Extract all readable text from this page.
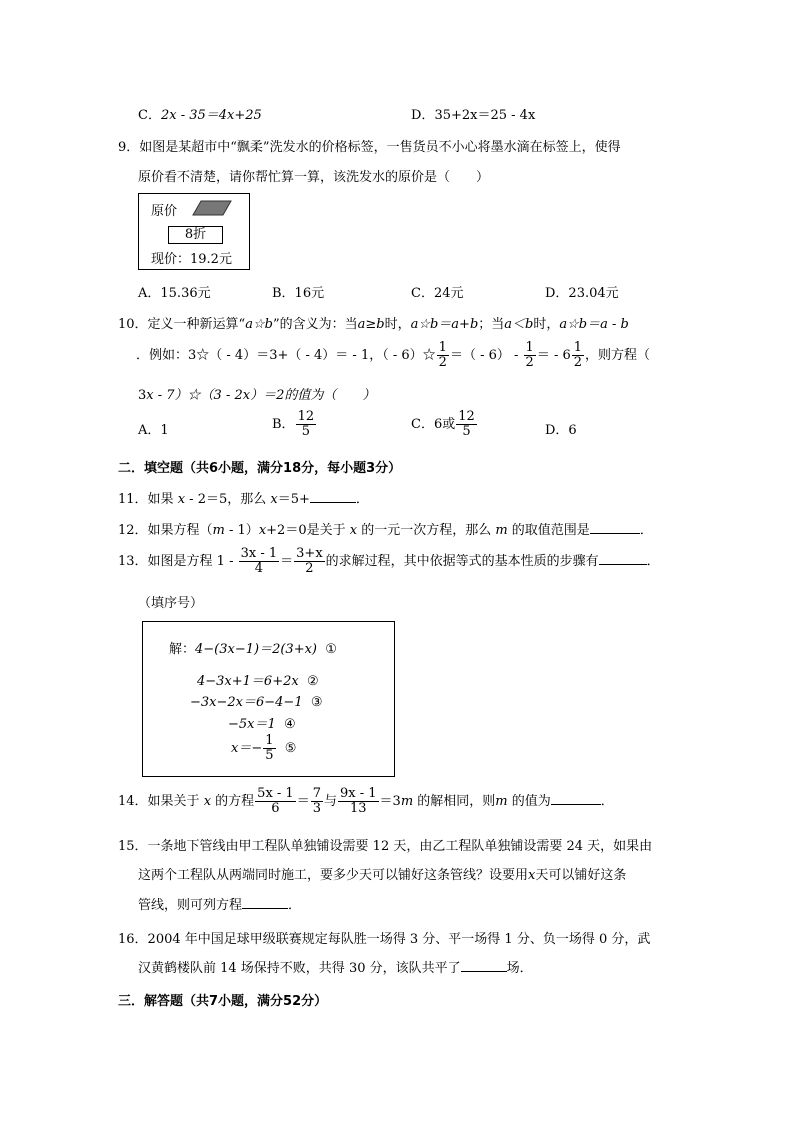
C．2x - 35＝4x+25	D．35+2x＝25 - 4x
9．如图是某超市中“飘柔”洗发水的价格标签，一售货员不小心将墨水滴在标签上，使得
原价看不清楚，请你帮忙算一算，该洗发水的原价是（　　）
原价
8折
现价：19.2元
A．15.36元	B．16元	C．24元	D．23.04元
10．定义一种新运算“a☆b”的含义为：当a≥b时，a☆b＝a+b；当a＜b时，a☆b＝a - b
．例如：3☆（ - 4）＝3+（ - 4）＝ - 1，（ - 6）☆ $\frac{1}{2}$ ＝（ - $6) - \frac{1}{2}$ ＝ - $6 \frac{1}{2}$ ，则方程（
3x - 7）☆（3 - 2x）＝2的值为（　　）
A．1	B． $\frac{12}{5}$	C．6或 $\frac{12}{5}$	D．6
二．填空题（共6小题，满分18分，每小题3分）
11．如果 x - 2＝5，那么 x＝5+	．
12．如果方程（m - 1）x+2＝0是关于 x 的一元一次方程，那么 m 的取值范围是	．
13．如图是方程 $1 - \frac{3x - 1}{4} = \frac{3+x}{2}$ 的求解过程，其中依据等式的基本性质的步骤有	．
（填序号）
解：4−(3x−1)＝2(3+x) ①
4−3x+1＝6+2x ②
−3x−2x＝6−4−1 ③
−5x＝1 ④
$x=- \frac{1}{5}$ ⑤
14．如果关于 x 的方程 $\frac{5x - 1}{6} = \frac{7}{3}$ 与 $\frac{9x - 1}{13} =3m$ 的解相同，则m 的值为	．
15．一条地下管线由甲工程队单独铺设需要 12 天，由乙工程队单独铺设需要 24 天，如果由
这两个工程队从两端同时施工，要多少天可以铺好这条管线？设要用x天可以铺好这条
管线，则可列方程	．
16．2004 年中国足球甲级联赛规定每队胜一场得 3 分、平一场得 1 分、负一场得 0 分，武
汉黄鹤楼队前 14 场保持不败，共得 30 分，该队共平了	场．
三．解答题（共7小题，满分52分）
